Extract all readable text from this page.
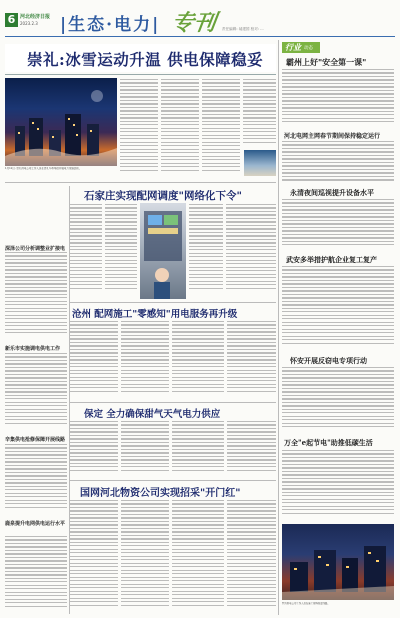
6 河北经济日报
2023.2.3 |生态·电力| 专刊 责任编辑: 郝建国 校对: ...
崇礼:冰雪运动升温 供电保障稳妥
1月11日, 崇礼供电公司工作人员在崇礼冬奥场馆开展电力设施巡检。
行业 动态
霸州上好"安全第一课"
河北电网主网春节期间保持稳定运行
永清夜间巡视提升设备水平
武安多举措护航企业复工复产
怀安开展反窃电专项行动
万全"e起节电"助推低碳生活
图为供电公司工作人员在施工现场检查线路。
深泽公司分析调整业扩接电
新乐市实施调电供电工作
辛集供电抢修保障开展线路
鹿泉提升电网供电运行水平
石家庄实现配网调度"网络化下令"
沧州 配网施工"零感知"用电服务再升级
保定 全力确保甜气天气电力供应
国网河北物资公司实现招采"开门红"
